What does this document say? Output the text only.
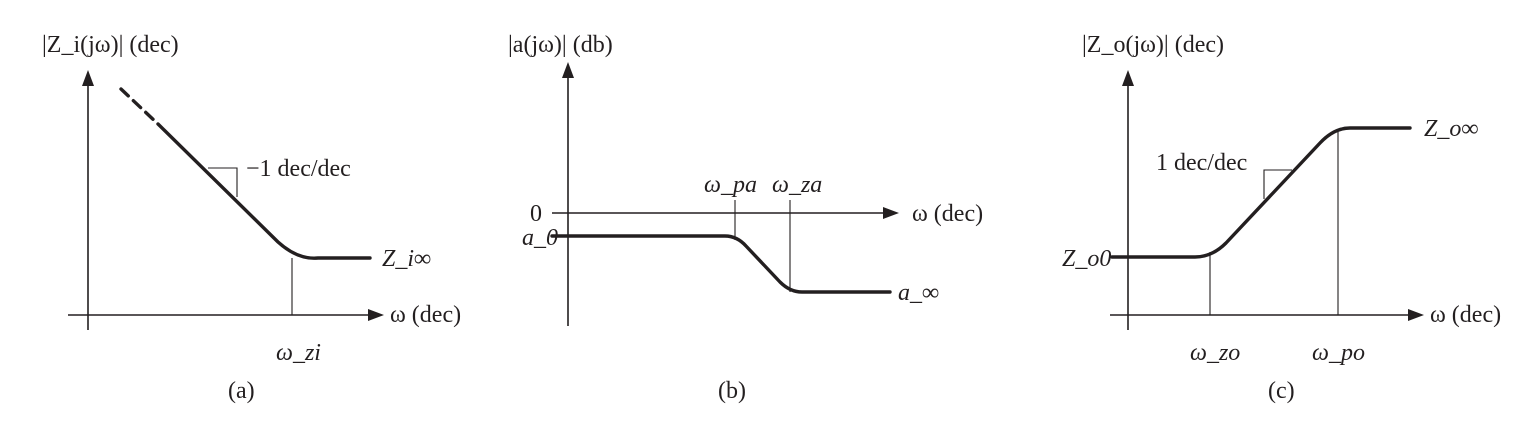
|Z_i(jω)| (dec)
ω (dec)
−1 dec/dec
Z_i∞
ω_zi
(a)
|a(jω)| (db)
ω (dec)
0
a_0
a_∞
ω_pa ω_za
(b)
|Z_o(jω)| (dec)
ω (dec)
1 dec/dec
Z_o0
Z_o∞
ω_zo	ω_po
(c)
